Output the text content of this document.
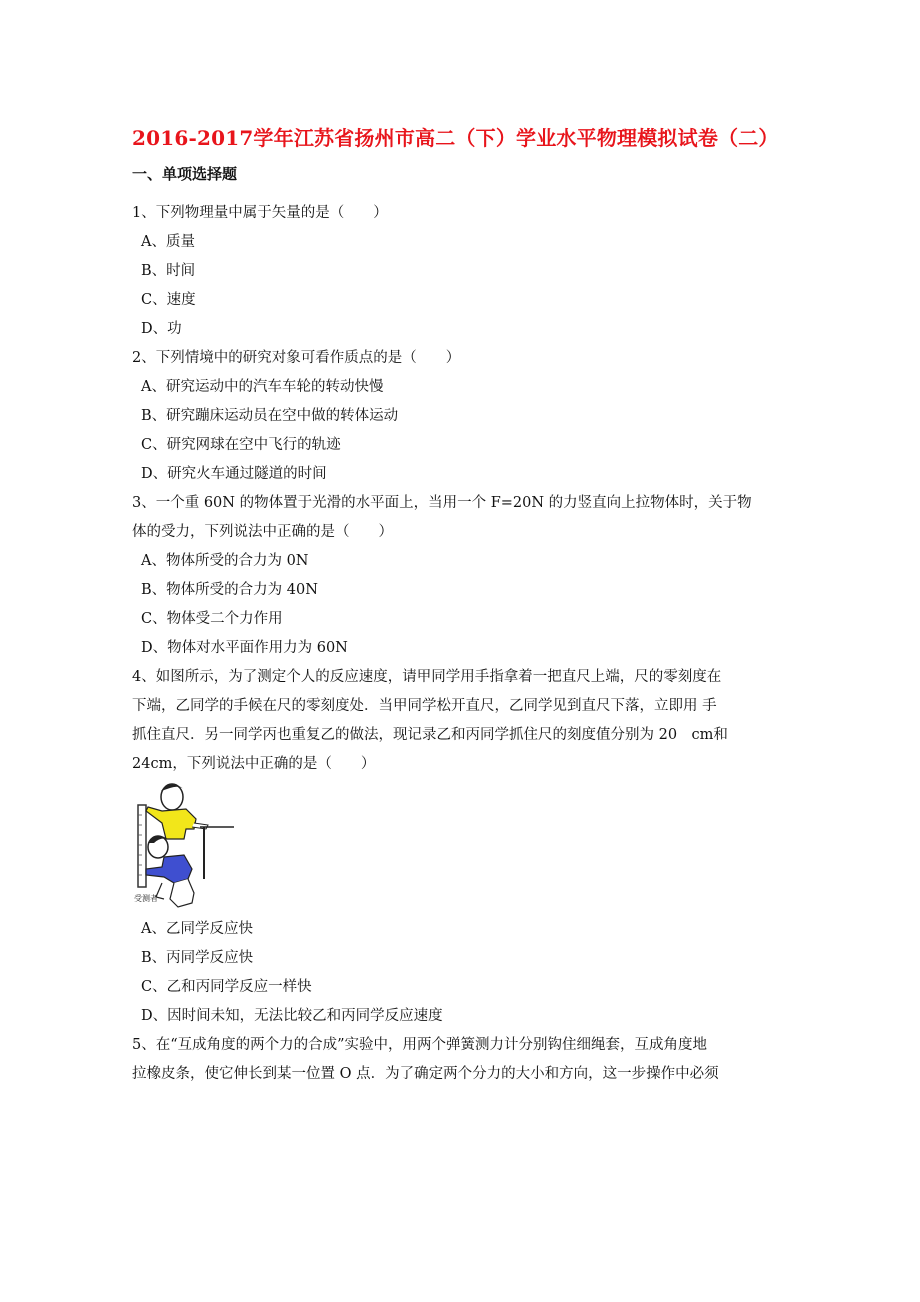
2016-2017学年江苏省扬州市高二（下）学业水平物理模拟试卷（二）
一、单项选择题
1、下列物理量中属于矢量的是（　　）
A、质量
B、时间
C、速度
D、功
2、下列情境中的研究对象可看作质点的是（　　）
A、研究运动中的汽车车轮的转动快慢
B、研究蹦床运动员在空中做的转体运动
C、研究网球在空中飞行的轨迹
D、研究火车通过隧道的时间
3、一个重 60N 的物体置于光滑的水平面上，当用一个 F=20N 的力竖直向上拉物体时，关于物
体的受力，下列说法中正确的是（　　）
A、物体所受的合力为 0N
B、物体所受的合力为 40N
C、物体受二个力作用
D、物体对水平面作用力为 60N
4、如图所示，为了测定个人的反应速度，请甲同学用手指拿着一把直尺上端，尺的零刻度在
下端，乙同学的手候在尺的零刻度处．当甲同学松开直尺，乙同学见到直尺下落，立即用 手
抓住直尺．另一同学丙也重复乙的做法，现记录乙和丙同学抓住尺的刻度值分别为 20　cm和
24cm，下列说法中正确的是（　　）
受测者
A、乙同学反应快
B、丙同学反应快
C、乙和丙同学反应一样快
D、因时间未知，无法比较乙和丙同学反应速度
5、在“互成角度的两个力的合成”实验中，用两个弹簧测力计分别钩住细绳套，互成角度地
拉橡皮条，使它伸长到某一位置 O 点．为了确定两个分力的大小和方向，这一步操作中必须
